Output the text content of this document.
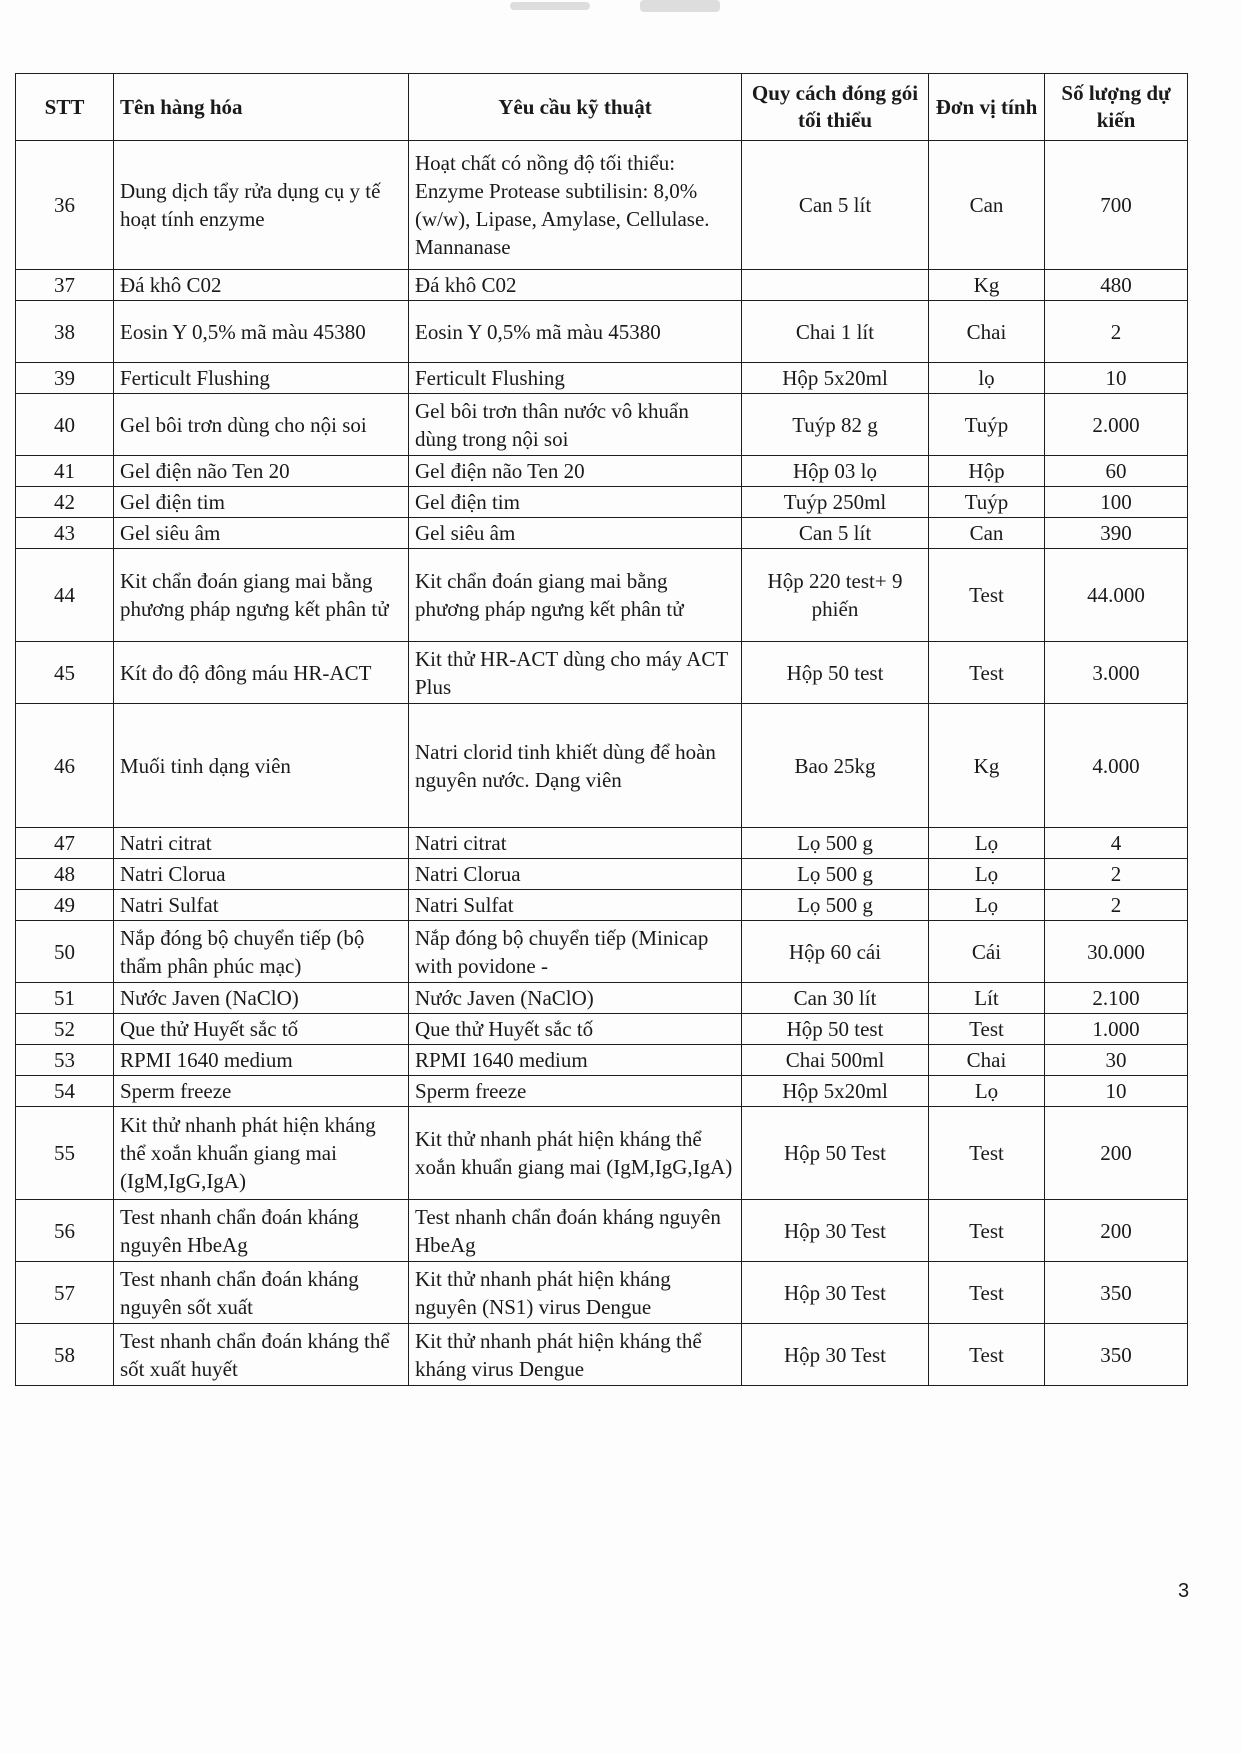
STT	Tên hàng hóa	Yêu cầu kỹ thuật	Quy cách đóng gói tối thiểu	Đơn vị tính	Số lượng dự kiến
36	Dung dịch tẩy rửa dụng cụ y tế hoạt tính enzyme	Hoạt chất có nồng độ tối thiểu: Enzyme Protease subtilisin: 8,0% (w/w), Lipase, Amylase, Cellulase. Mannanase	Can 5 lít	Can	700
37	Đá khô C02	Đá khô C02		Kg	480
38	Eosin Y 0,5% mã màu 45380	Eosin Y 0,5% mã màu 45380	Chai 1 lít	Chai	2
39	Ferticult Flushing	Ferticult Flushing	Hộp 5x20ml	lọ	10
40	Gel bôi trơn dùng cho nội soi	Gel bôi trơn thân nước vô khuẩn dùng trong nội soi	Tuýp 82 g	Tuýp	2.000
41	Gel điện não Ten 20	Gel điện não Ten 20	Hộp 03 lọ	Hộp	60
42	Gel điện tim	Gel điện tim	Tuýp 250ml	Tuýp	100
43	Gel siêu âm	Gel siêu âm	Can 5 lít	Can	390
44	Kit chẩn đoán giang mai bằng phương pháp ngưng kết phân tử	Kit chẩn đoán giang mai bằng phương pháp ngưng kết phân tử	Hộp 220 test+ 9 phiến	Test	44.000
45	Kít đo độ đông máu HR-ACT	Kit thử HR-ACT dùng cho máy ACT Plus	Hộp 50 test	Test	3.000
46	Muối tinh dạng viên	Natri clorid tinh khiết dùng để hoàn nguyên nước. Dạng viên	Bao 25kg	Kg	4.000
47	Natri citrat	Natri citrat	Lọ 500 g	Lọ	4
48	Natri Clorua	Natri Clorua	Lọ 500 g	Lọ	2
49	Natri Sulfat	Natri Sulfat	Lọ 500 g	Lọ	2
50	Nắp đóng bộ chuyển tiếp (bộ thẩm phân phúc mạc)	Nắp đóng bộ chuyển tiếp (Minicap with povidone -	Hộp 60 cái	Cái	30.000
51	Nước Javen (NaClO)	Nước Javen (NaClO)	Can 30 lít	Lít	2.100
52	Que thử Huyết sắc tố	Que thử Huyết sắc tố	Hộp 50 test	Test	1.000
53	RPMI 1640 medium	RPMI 1640 medium	Chai 500ml	Chai	30
54	Sperm freeze	Sperm freeze	Hộp 5x20ml	Lọ	10
55	Kit thử nhanh phát hiện kháng thể xoắn khuẩn giang mai (IgM,IgG,IgA)	Kit thử nhanh phát hiện kháng thể xoắn khuẩn giang mai (IgM,IgG,IgA)	Hộp 50 Test	Test	200
56	Test nhanh chẩn đoán kháng nguyên HbeAg	Test nhanh chẩn đoán kháng nguyên HbeAg	Hộp 30 Test	Test	200
57	Test nhanh chẩn đoán kháng nguyên sốt xuất	Kit thử nhanh phát hiện kháng nguyên (NS1) virus Dengue	Hộp 30 Test	Test	350
58	Test nhanh chẩn đoán kháng thể sốt xuất huyết	Kit thử nhanh phát hiện kháng thể kháng virus Dengue	Hộp 30 Test	Test	350
3
